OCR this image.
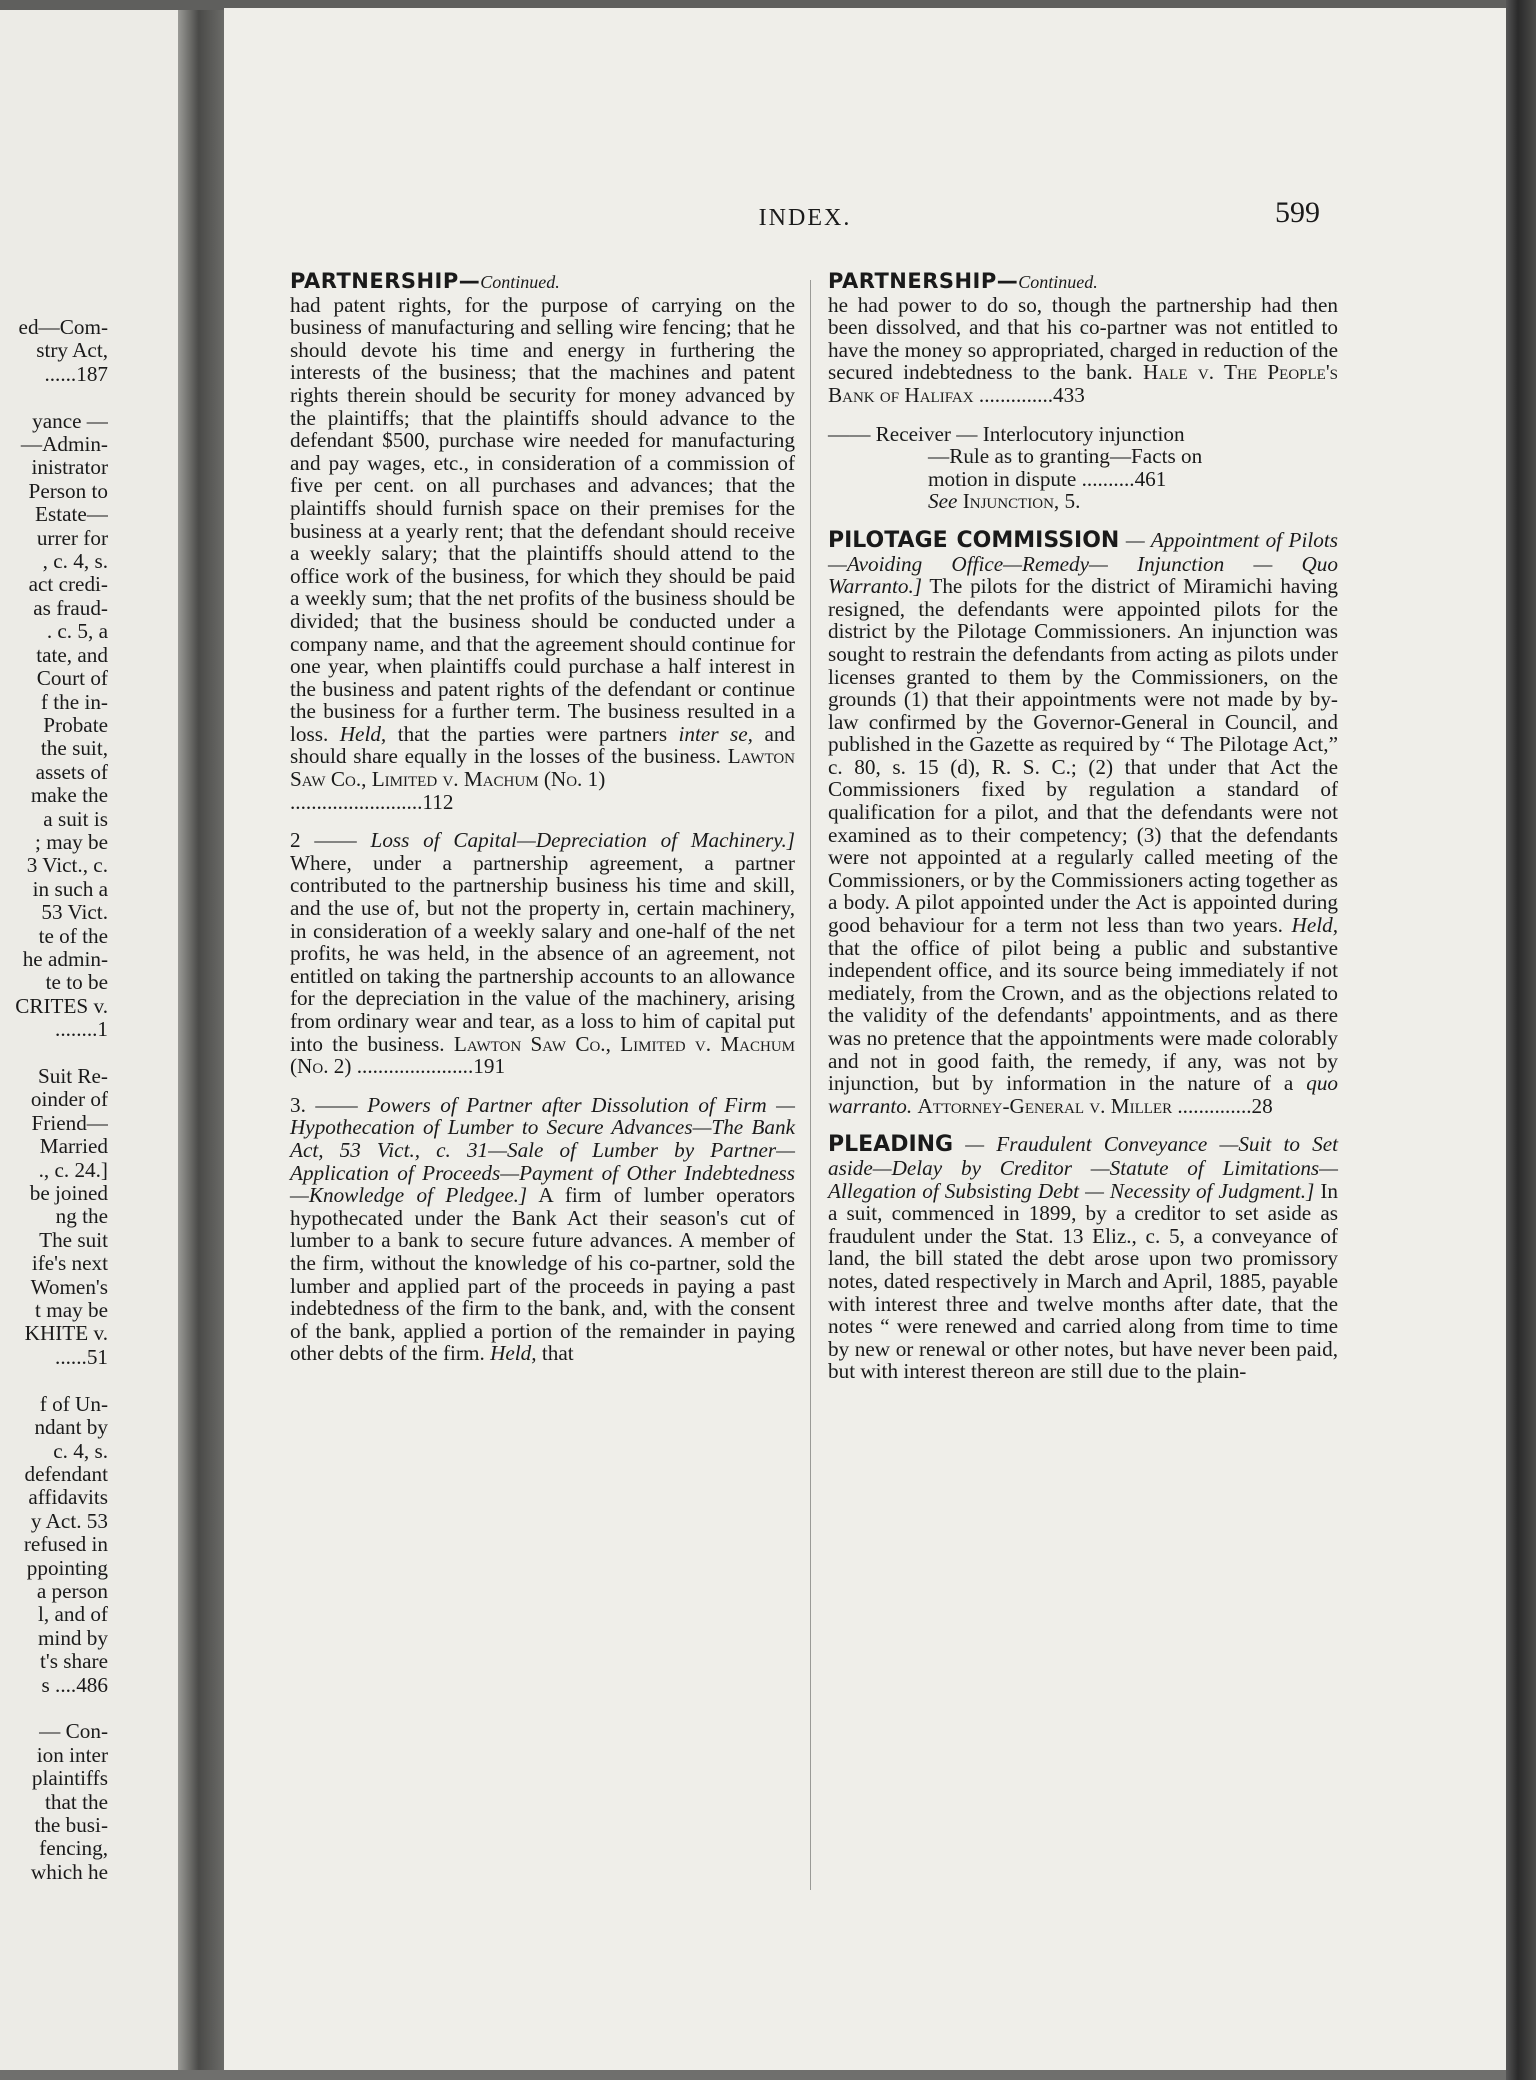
ed—Com-
stry Act,
......187

yance —
—Admin-
inistrator
Person to
Estate—
urrer for
, c. 4, s.
act credi-
as fraud-
. c. 5, a
tate, and
Court of
f the in-
Probate
the suit,
assets of
make the
a suit is
; may be
3 Vict., c.
in such a
53 Vict.
te of the
he admin-
te to be
CRITES v.
........1

Suit Re-
oinder of
Friend—
Married
., c. 24.]
be joined
ng the
The suit
ife's next
Women's
t may be
KHITE v.
......51

f of Un-
ndant by
c. 4, s.
defendant
affidavits
y Act. 53
refused in
ppointing
a person
l, and of
mind by
t's share
s ....486

— Con-
ion inter
plaintiffs
that the
the busi-
fencing,
which he
INDEX.	599

PARTNERSHIP—Continued.
had patent rights, for the purpose of carrying on the business of manufacturing and selling wire fencing; that he should devote his time and energy in furthering the interests of the business; that the machines and patent rights therein should be security for money advanced by the plaintiffs; that the plaintiffs should advance to the defendant $500, purchase wire needed for manufacturing and pay wages, etc., in consideration of a commission of five per cent. on all purchases and advances; that the plaintiffs should furnish space on their premises for the business at a yearly rent; that the defendant should receive a weekly salary; that the plaintiffs should attend to the office work of the business, for which they should be paid a weekly sum; that the net profits of the business should be divided; that the business should be conducted under a company name, and that the agreement should continue for one year, when plaintiffs could purchase a half interest in the business and patent rights of the defendant or continue the business for a further term. The business resulted in a loss. Held, that the parties were partners inter se, and should share equally in the losses of the business. Lawton Saw Co., Limited v. Machum (No. 1)
.........................112

2 —— Loss of Capital—Depreciation of Machinery.] Where, under a partnership agreement, a partner contributed to the partnership business his time and skill, and the use of, but not the property in, certain machinery, in consideration of a weekly salary and one-half of the net profits, he was held, in the absence of an agreement, not entitled on taking the partnership accounts to an allowance for the depreciation in the value of the machinery, arising from ordinary wear and tear, as a loss to him of capital put into the business. Lawton Saw Co., Limited v. Machum (No. 2) ......................191

3. —— Powers of Partner after Dissolution of Firm — Hypothecation of Lumber to Secure Advances—The Bank Act, 53 Vict., c. 31—Sale of Lumber by Partner—Application of Proceeds—Payment of Other Indebtedness—Knowledge of Pledgee.] A firm of lumber operators hypothecated under the Bank Act their season's cut of lumber to a bank to secure future advances. A member of the firm, without the knowledge of his co-partner, sold the lumber and applied part of the proceeds in paying a past indebtedness of the firm to the bank, and, with the consent of the bank, applied a portion of the remainder in paying other debts of the firm. Held, that

PARTNERSHIP—Continued.
he had power to do so, though the partnership had then been dissolved, and that his co-partner was not entitled to have the money so appropriated, charged in reduction of the secured indebtedness to the bank. Hale v. The People's Bank of Halifax ..............433

—— Receiver — Interlocutory injunction
—Rule as to granting—Facts on
motion in dispute ..........461
See Injunction, 5.

PILOTAGE COMMISSION — Appointment of Pilots—Avoiding Office—Remedy— Injunction — Quo Warranto.] The pilots for the district of Miramichi having resigned, the defendants were appointed pilots for the district by the Pilotage Commissioners. An injunction was sought to restrain the defendants from acting as pilots under licenses granted to them by the Commissioners, on the grounds (1) that their appointments were not made by by-law confirmed by the Governor-General in Council, and published in the Gazette as required by “ The Pilotage Act,” c. 80, s. 15 (d), R. S. C.; (2) that under that Act the Commissioners fixed by regulation a standard of qualification for a pilot, and that the defendants were not examined as to their competency; (3) that the defendants were not appointed at a regularly called meeting of the Commissioners, or by the Commissioners acting together as a body. A pilot appointed under the Act is appointed during good behaviour for a term not less than two years. Held, that the office of pilot being a public and substantive independent office, and its source being immediately if not mediately, from the Crown, and as the objections related to the validity of the defendants' appointments, and as there was no pretence that the appointments were made colorably and not in good faith, the remedy, if any, was not by injunction, but by information in the nature of a quo warranto. Attorney-General v. Miller ..............28

PLEADING — Fraudulent Conveyance —Suit to Set aside—Delay by Creditor —Statute of Limitations—Allegation of Subsisting Debt — Necessity of Judgment.] In a suit, commenced in 1899, by a creditor to set aside as fraudulent under the Stat. 13 Eliz., c. 5, a conveyance of land, the bill stated the debt arose upon two promissory notes, dated respectively in March and April, 1885, payable with interest three and twelve months after date, that the notes “ were renewed and carried along from time to time by new or renewal or other notes, but have never been paid, but with interest thereon are still due to the plain-
